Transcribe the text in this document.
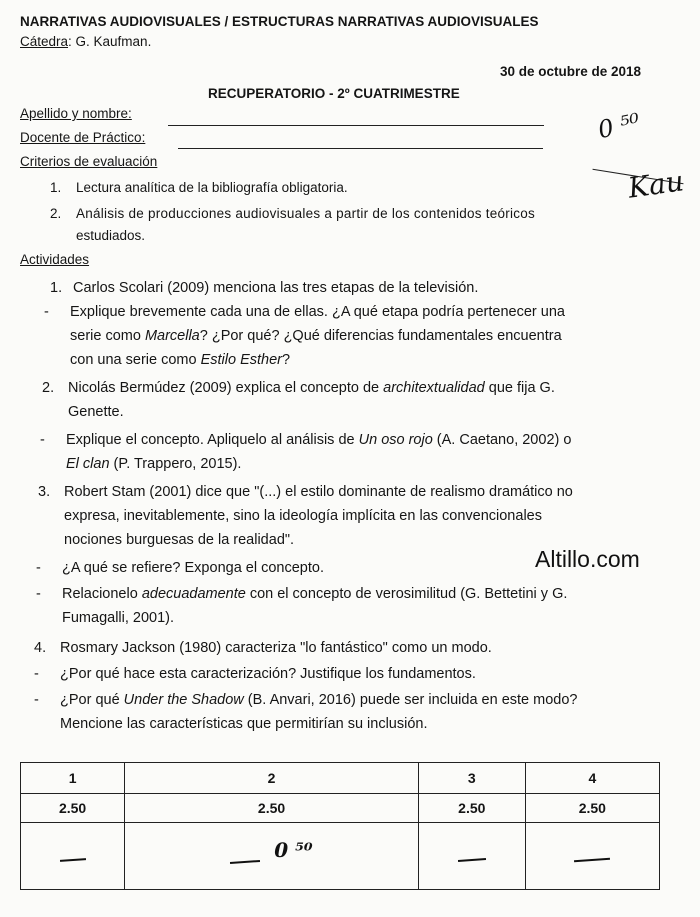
NARRATIVAS AUDIOVISUALES / ESTRUCTURAS NARRATIVAS AUDIOVISUALES
Cátedra: G. Kaufman.
30 de octubre de 2018
RECUPERATORIO - 2º CUATRIMESTRE
Apellido y nombre:
Docente de Práctico:
Criterios de evaluación
0 ⁵⁰
Kau
1. Lectura analítica de la bibliografía obligatoria.
2. Análisis de producciones audiovisuales a partir de los contenidos teóricos
estudiados.
Actividades
1. Carlos Scolari (2009) menciona las tres etapas de la televisión.
- Explique brevemente cada una de ellas. ¿A qué etapa podría pertenecer una
serie como Marcella? ¿Por qué? ¿Qué diferencias fundamentales encuentra
con una serie como Estilo Esther?
2. Nicolás Bermúdez (2009) explica el concepto de architextualidad que fija G.
Genette.
- Explique el concepto. Apliquelo al análisis de Un oso rojo (A. Caetano, 2002) o
El clan (P. Trappero, 2015).
3. Robert Stam (2001) dice que "(...) el estilo dominante de realismo dramático no
expresa, inevitablemente, sino la ideología implícita en las convencionales
nociones burguesas de la realidad".
- ¿A qué se refiere? Exponga el concepto.
- Relacionelo adecuadamente con el concepto de verosimilitud (G. Bettetini y G.
Fumagalli, 2001).
4. Rosmary Jackson (1980) caracteriza "lo fantástico" como un modo.
- ¿Por qué hace esta caracterización? Justifique los fundamentos.
- ¿Por qué Under the Shadow (B. Anvari, 2016) puede ser incluida en este modo?
Mencione las características que permitirían su inclusión.
Altillo.com
1	2	3	4
2.50	2.50	2.50	2.50
	0 ⁵⁰		
